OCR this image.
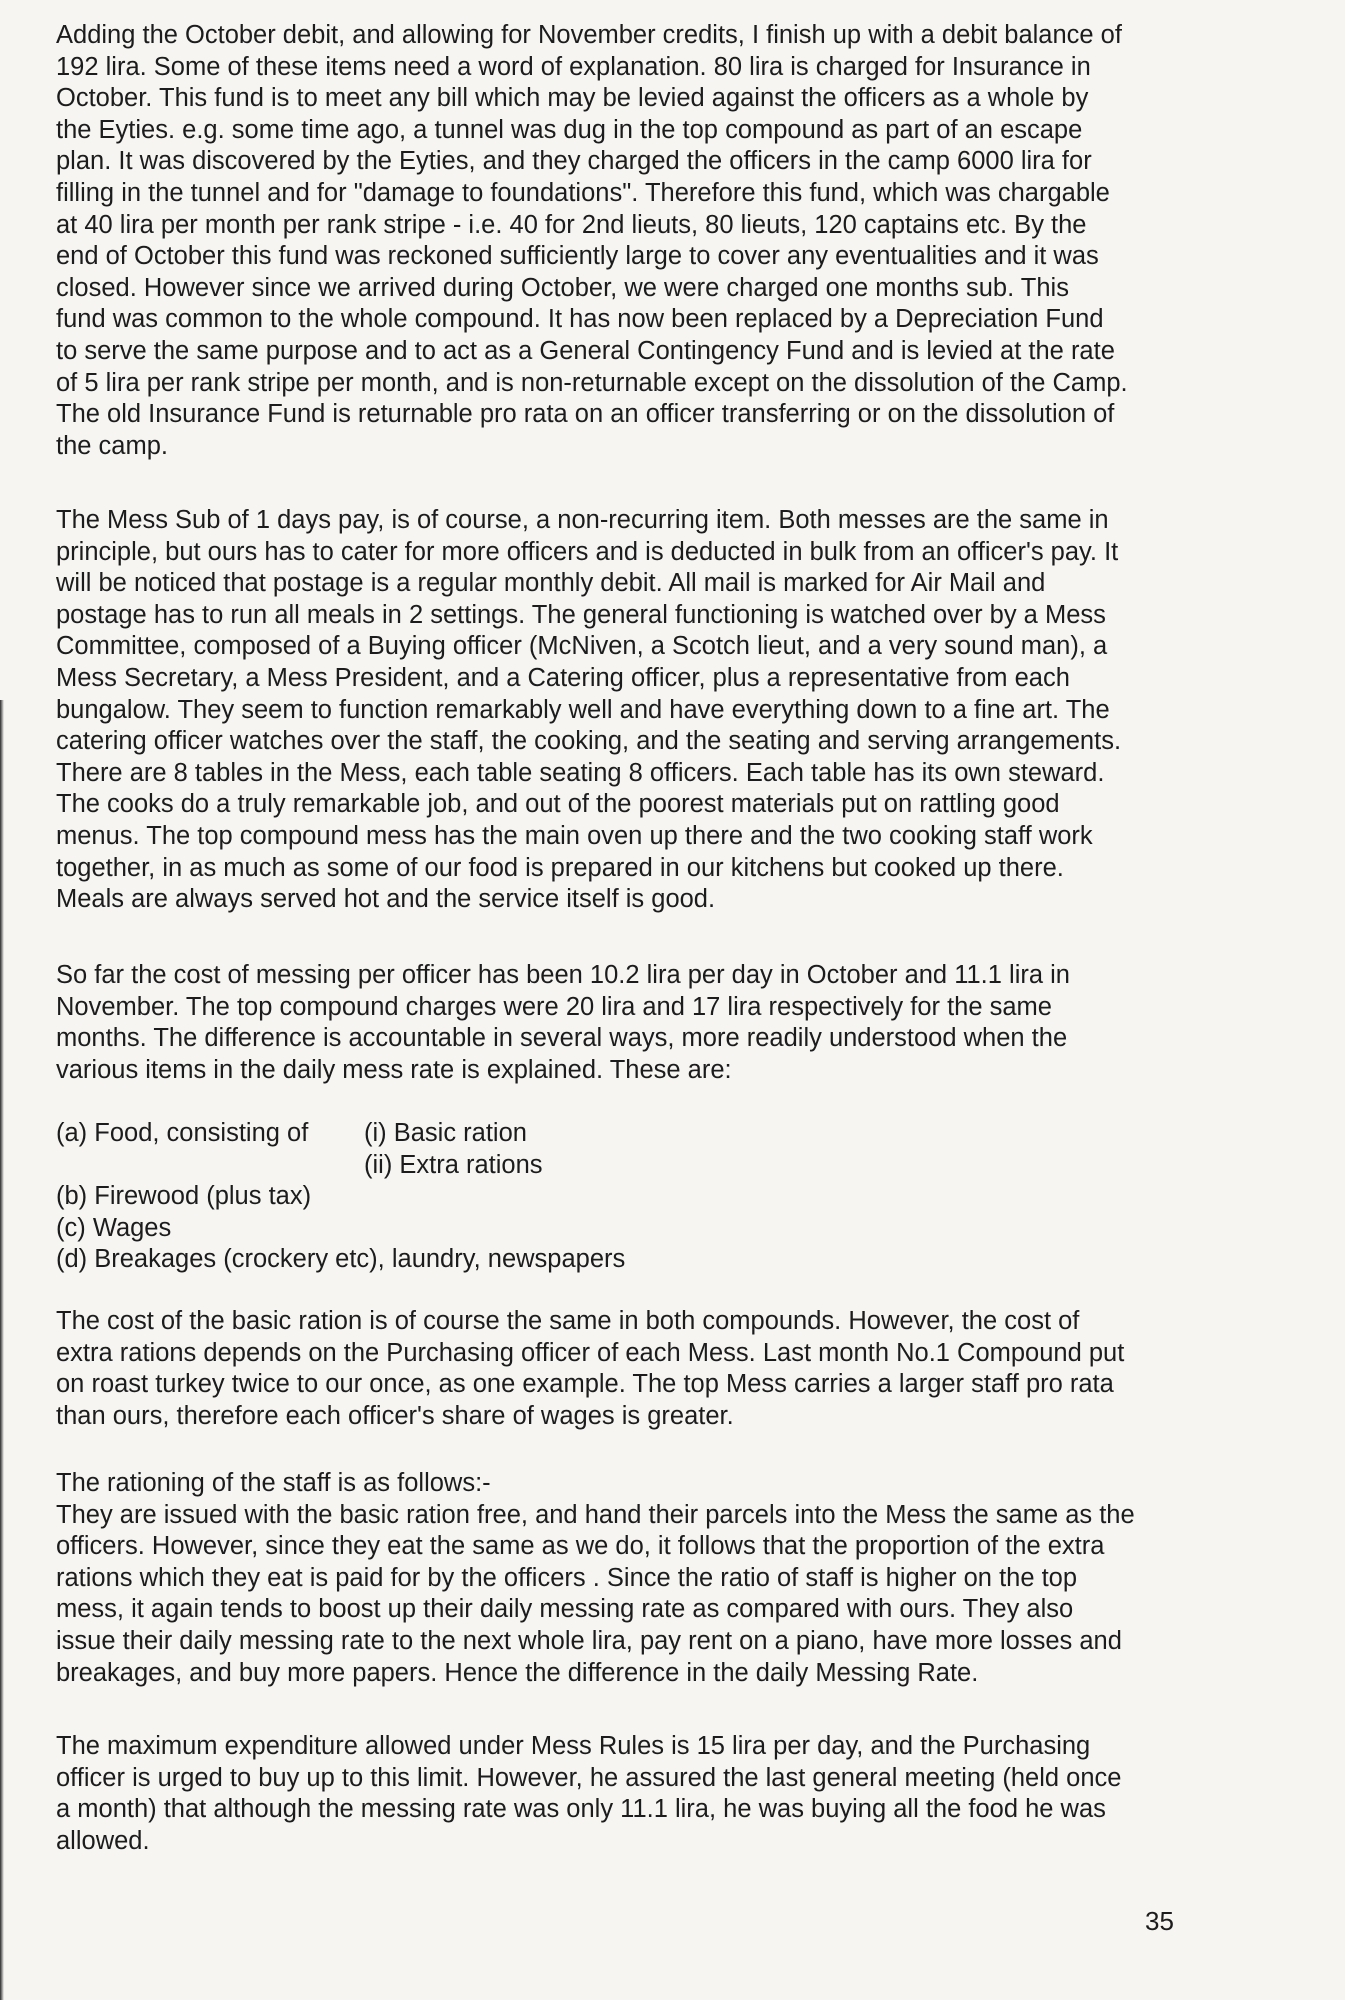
Adding the October debit, and allowing for November credits, I finish up with a debit balance of
192 lira. Some of these items need a word of explanation. 80 lira is charged for Insurance in
October. This fund is to meet any bill which may be levied against the officers as a whole by
the Eyties. e.g. some time ago, a tunnel was dug in the top compound as part of an escape
plan. It was discovered by the Eyties, and they charged the officers in the camp 6000 lira for
filling in the tunnel and for "damage to foundations". Therefore this fund, which was chargable
at 40 lira per month per rank stripe - i.e. 40 for 2nd lieuts, 80 lieuts, 120 captains etc. By the
end of October this fund was reckoned sufficiently large to cover any eventualities and it was
closed. However since we arrived during October, we were charged one months sub. This
fund was common to the whole compound. It has now been replaced by a Depreciation Fund
to serve the same purpose and to act as a General Contingency Fund and is levied at the rate
of 5 lira per rank stripe per month, and is non-returnable except on the dissolution of the Camp.
The old Insurance Fund is returnable pro rata on an officer transferring or on the dissolution of
the camp.

The Mess Sub of 1 days pay, is of course, a non-recurring item. Both messes are the same in
principle, but ours has to cater for more officers and is deducted in bulk from an officer's pay. It
will be noticed that postage is a regular monthly debit. All mail is marked for Air Mail and
postage has to run all meals in 2 settings. The general functioning is watched over by a Mess
Committee, composed of a Buying officer (McNiven, a Scotch lieut, and a very sound man), a
Mess Secretary, a Mess President, and a Catering officer, plus a representative from each
bungalow. They seem to function remarkably well and have everything down to a fine art. The
catering officer watches over the staff, the cooking, and the seating and serving arrangements.
There are 8 tables in the Mess, each table seating 8 officers. Each table has its own steward.
The cooks do a truly remarkable job, and out of the poorest materials put on rattling good
menus. The top compound mess has the main oven up there and the two cooking staff work
together, in as much as some of our food is prepared in our kitchens but cooked up there.
Meals are always served hot and the service itself is good.

So far the cost of messing per officer has been 10.2 lira per day in October and 11.1 lira in
November. The top compound charges were 20 lira and 17 lira respectively for the same
months. The difference is accountable in several ways, more readily understood when the
various items in the daily mess rate is explained. These are:

(a) Food, consisting of	(i) Basic ration
(ii) Extra rations
(b) Firewood (plus tax)
(c) Wages
(d) Breakages (crockery etc), laundry, newspapers

The cost of the basic ration is of course the same in both compounds. However, the cost of
extra rations depends on the Purchasing officer of each Mess. Last month No.1 Compound put
on roast turkey twice to our once, as one example. The top Mess carries a larger staff pro rata
than ours, therefore each officer's share of wages is greater.

The rationing of the staff is as follows:-
They are issued with the basic ration free, and hand their parcels into the Mess the same as the
officers. However, since they eat the same as we do, it follows that the proportion of the extra
rations which they eat is paid for by the officers . Since the ratio of staff is higher on the top
mess, it again tends to boost up their daily messing rate as compared with ours. They also
issue their daily messing rate to the next whole lira, pay rent on a piano, have more losses and
breakages, and buy more papers. Hence the difference in the daily Messing Rate.

The maximum expenditure allowed under Mess Rules is 15 lira per day, and the Purchasing
officer is urged to buy up to this limit. However, he assured the last general meeting (held once
a month) that although the messing rate was only 11.1 lira, he was buying all the food he was
allowed.

35
